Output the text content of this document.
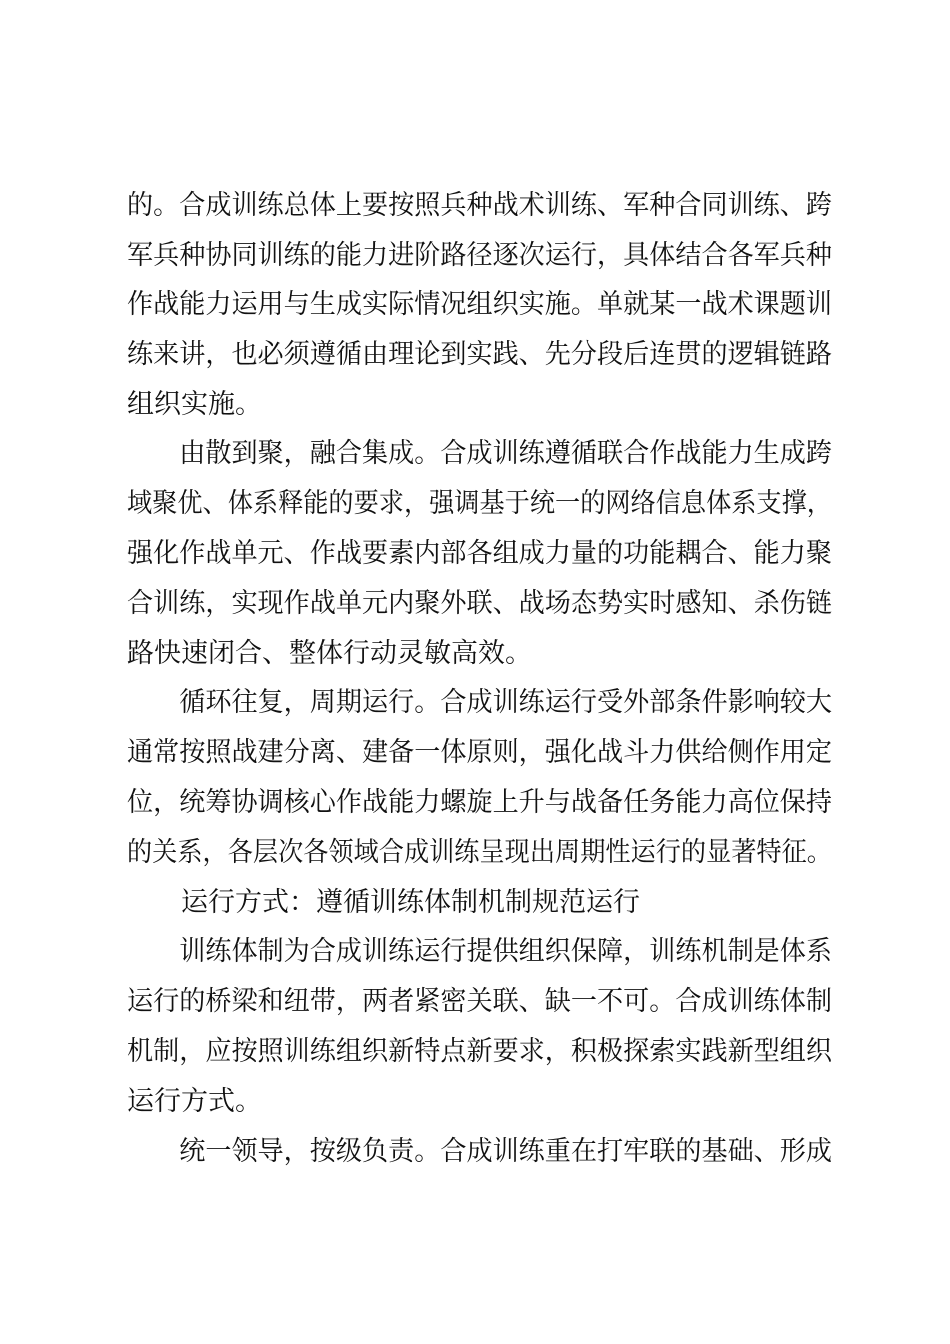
的。合成训练总体上要按照兵种战术训练、军种合同训练、跨
军兵种协同训练的能力进阶路径逐次运行，具体结合各军兵种
作战能力运用与生成实际情况组织实施。单就某一战术课题训
练来讲，也必须遵循由理论到实践、先分段后连贯的逻辑链路
组织实施。
　　由散到聚，融合集成。合成训练遵循联合作战能力生成跨
域聚优、体系释能的要求，强调基于统一的网络信息体系支撑，
强化作战单元、作战要素内部各组成力量的功能耦合、能力聚
合训练，实现作战单元内聚外联、战场态势实时感知、杀伤链
路快速闭合、整体行动灵敏高效。
　　循环往复，周期运行。合成训练运行受外部条件影响较大
通常按照战建分离、建备一体原则，强化战斗力供给侧作用定
位，统筹协调核心作战能力螺旋上升与战备任务能力高位保持
的关系，各层次各领域合成训练呈现出周期性运行的显著特征。
　　运行方式：遵循训练体制机制规范运行
　　训练体制为合成训练运行提供组织保障，训练机制是体系
运行的桥梁和纽带，两者紧密关联、缺一不可。合成训练体制
机制，应按照训练组织新特点新要求，积极探索实践新型组织
运行方式。
　　统一领导，按级负责。合成训练重在打牢联的基础、形成
